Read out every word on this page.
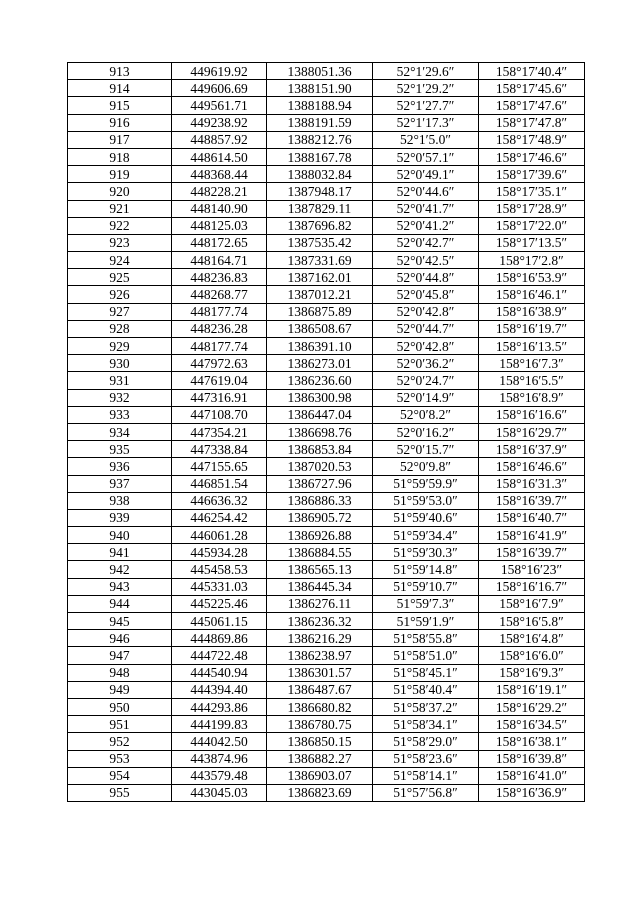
913	449619.92	1388051.36	52°1′29.6″	158°17′40.4″
914	449606.69	1388151.90	52°1′29.2″	158°17′45.6″
915	449561.71	1388188.94	52°1′27.7″	158°17′47.6″
916	449238.92	1388191.59	52°1′17.3″	158°17′47.8″
917	448857.92	1388212.76	52°1′5.0″	158°17′48.9″
918	448614.50	1388167.78	52°0′57.1″	158°17′46.6″
919	448368.44	1388032.84	52°0′49.1″	158°17′39.6″
920	448228.21	1387948.17	52°0′44.6″	158°17′35.1″
921	448140.90	1387829.11	52°0′41.7″	158°17′28.9″
922	448125.03	1387696.82	52°0′41.2″	158°17′22.0″
923	448172.65	1387535.42	52°0′42.7″	158°17′13.5″
924	448164.71	1387331.69	52°0′42.5″	158°17′2.8″
925	448236.83	1387162.01	52°0′44.8″	158°16′53.9″
926	448268.77	1387012.21	52°0′45.8″	158°16′46.1″
927	448177.74	1386875.89	52°0′42.8″	158°16′38.9″
928	448236.28	1386508.67	52°0′44.7″	158°16′19.7″
929	448177.74	1386391.10	52°0′42.8″	158°16′13.5″
930	447972.63	1386273.01	52°0′36.2″	158°16′7.3″
931	447619.04	1386236.60	52°0′24.7″	158°16′5.5″
932	447316.91	1386300.98	52°0′14.9″	158°16′8.9″
933	447108.70	1386447.04	52°0′8.2″	158°16′16.6″
934	447354.21	1386698.76	52°0′16.2″	158°16′29.7″
935	447338.84	1386853.84	52°0′15.7″	158°16′37.9″
936	447155.65	1387020.53	52°0′9.8″	158°16′46.6″
937	446851.54	1386727.96	51°59′59.9″	158°16′31.3″
938	446636.32	1386886.33	51°59′53.0″	158°16′39.7″
939	446254.42	1386905.72	51°59′40.6″	158°16′40.7″
940	446061.28	1386926.88	51°59′34.4″	158°16′41.9″
941	445934.28	1386884.55	51°59′30.3″	158°16′39.7″
942	445458.53	1386565.13	51°59′14.8″	158°16′23″
943	445331.03	1386445.34	51°59′10.7″	158°16′16.7″
944	445225.46	1386276.11	51°59′7.3″	158°16′7.9″
945	445061.15	1386236.32	51°59′1.9″	158°16′5.8″
946	444869.86	1386216.29	51°58′55.8″	158°16′4.8″
947	444722.48	1386238.97	51°58′51.0″	158°16′6.0″
948	444540.94	1386301.57	51°58′45.1″	158°16′9.3″
949	444394.40	1386487.67	51°58′40.4″	158°16′19.1″
950	444293.86	1386680.82	51°58′37.2″	158°16′29.2″
951	444199.83	1386780.75	51°58′34.1″	158°16′34.5″
952	444042.50	1386850.15	51°58′29.0″	158°16′38.1″
953	443874.96	1386882.27	51°58′23.6″	158°16′39.8″
954	443579.48	1386903.07	51°58′14.1″	158°16′41.0″
955	443045.03	1386823.69	51°57′56.8″	158°16′36.9″
